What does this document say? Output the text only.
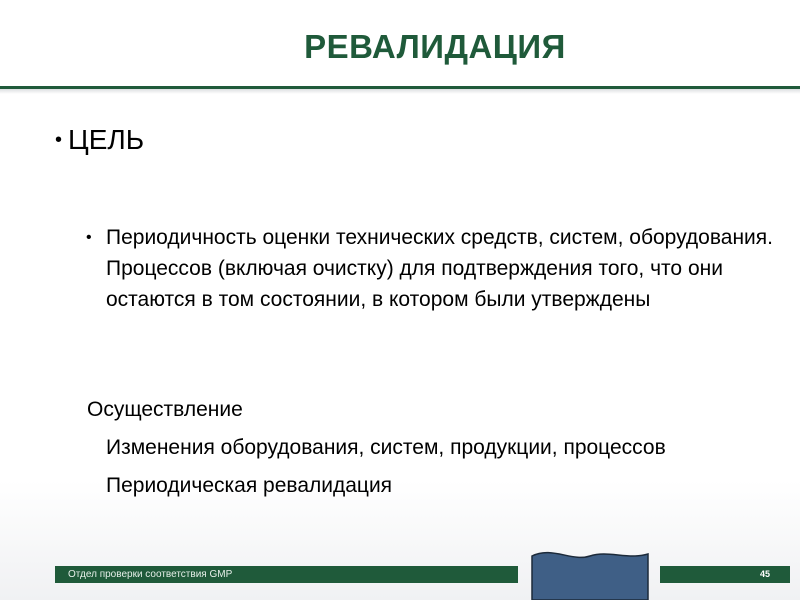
РЕВАЛИДАЦИЯ
• ЦЕЛЬ
• Периодичность оценки технических средств, систем, оборудования. Процессов (включая очистку) для подтверждения того, что они остаются в том состоянии, в котором были утверждены
Осуществление
Изменения оборудования, систем, продукции, процессов
Периодическая ревалидация
Отдел проверки соответствия GMP	45
